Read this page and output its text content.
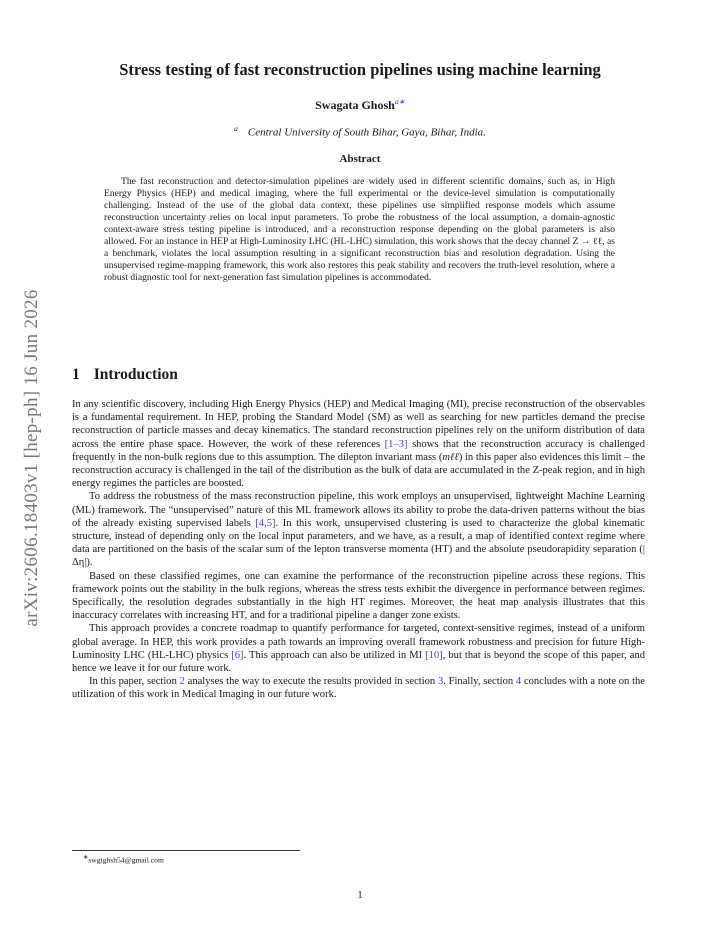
arXiv:2606.18403v1 [hep-ph] 16 Jun 2026
Stress testing of fast reconstruction pipelines using machine learning
Swagata Ghosh$^{a∗}$
$^a$ Central University of South Bihar, Gaya, Bihar, India.
Abstract

The fast reconstruction and detector-simulation pipelines are widely used in different scientific domains, such as, in High Energy Physics (HEP) and medical imaging, where the full experimental or the device-level simulation is computationally challenging. Instead of the use of the global data context, these pipelines use simplified response models which assume reconstruction uncertainty relies on local input parameters. To probe the robustness of the local assumption, a domain-agnostic context-aware stress testing pipeline is introduced, and a reconstruction response depending on the global parameters is also allowed. For an instance in HEP at High-Luminosity LHC (HL-LHC) simulation, this work shows that the decay channel Z → ℓℓ, as a benchmark, violates the local assumption resulting in a significant reconstruction bias and resolution degradation. Using the unsupervised regime-mapping framework, this work also restores this peak stability and recovers the truth-level resolution, where a robust diagnostic tool for next-generation fast simulation pipelines is accommodated.

1 Introduction

In any scientific discovery, including High Energy Physics (HEP) and Medical Imaging (MI), precise reconstruction of the observables is a fundamental requirement. In HEP, probing the Standard Model (SM) as well as searching for new particles demand the precise reconstruction of particle masses and decay kinematics. The standard reconstruction pipelines rely on the uniform distribution of data across the entire phase space. However, the work of these references [1–3] shows that the reconstruction accuracy is challenged frequently in the non-bulk regions due to this assumption. The dilepton invariant mass (mℓℓ) in this paper also evidences this limit – the reconstruction accuracy is challenged in the tail of the distribution as the bulk of data are accumulated in the Z-peak region, and in high energy regimes the particles are boosted.

To address the robustness of the mass reconstruction pipeline, this work employs an unsupervised, lightweight Machine Learning (ML) framework. The “unsupervised” nature of this ML framework allows its ability to probe the data-driven patterns without the bias of the already existing supervised labels [4,5]. In this work, unsupervised clustering is used to characterize the global kinematic structure, instead of depending only on the local input parameters, and we have, as a result, a map of identified context regime where data are partitioned on the basis of the scalar sum of the lepton transverse momenta (HT) and the absolute pseudorapidity separation (|Δη|).

Based on these classified regimes, one can examine the performance of the reconstruction pipeline across these regions. This framework points out the stability in the bulk regions, whereas the stress tests exhibit the divergence in performance between regimes. Specifically, the resolution degrades substantially in the high HT regimes. Moreover, the heat map analysis illustrates that this inaccuracy correlates with increasing HT, and for a traditional pipeline a danger zone exists.

This approach provides a concrete roadmap to quantify performance for targeted, context-sensitive regimes, instead of a uniform global average. In HEP, this work provides a path towards an improving overall framework robustness and precision for future High-Luminosity LHC (HL-LHC) physics [6]. This approach can also be utilized in MI [10], but that is beyond the scope of this paper, and hence we leave it for our future work.

In this paper, section 2 analyses the way to execute the results provided in section 3. Finally, section 4 concludes with a note on the utilization of this work in Medical Imaging in our future work.

∗swgtghsh54@gmail.com
1
